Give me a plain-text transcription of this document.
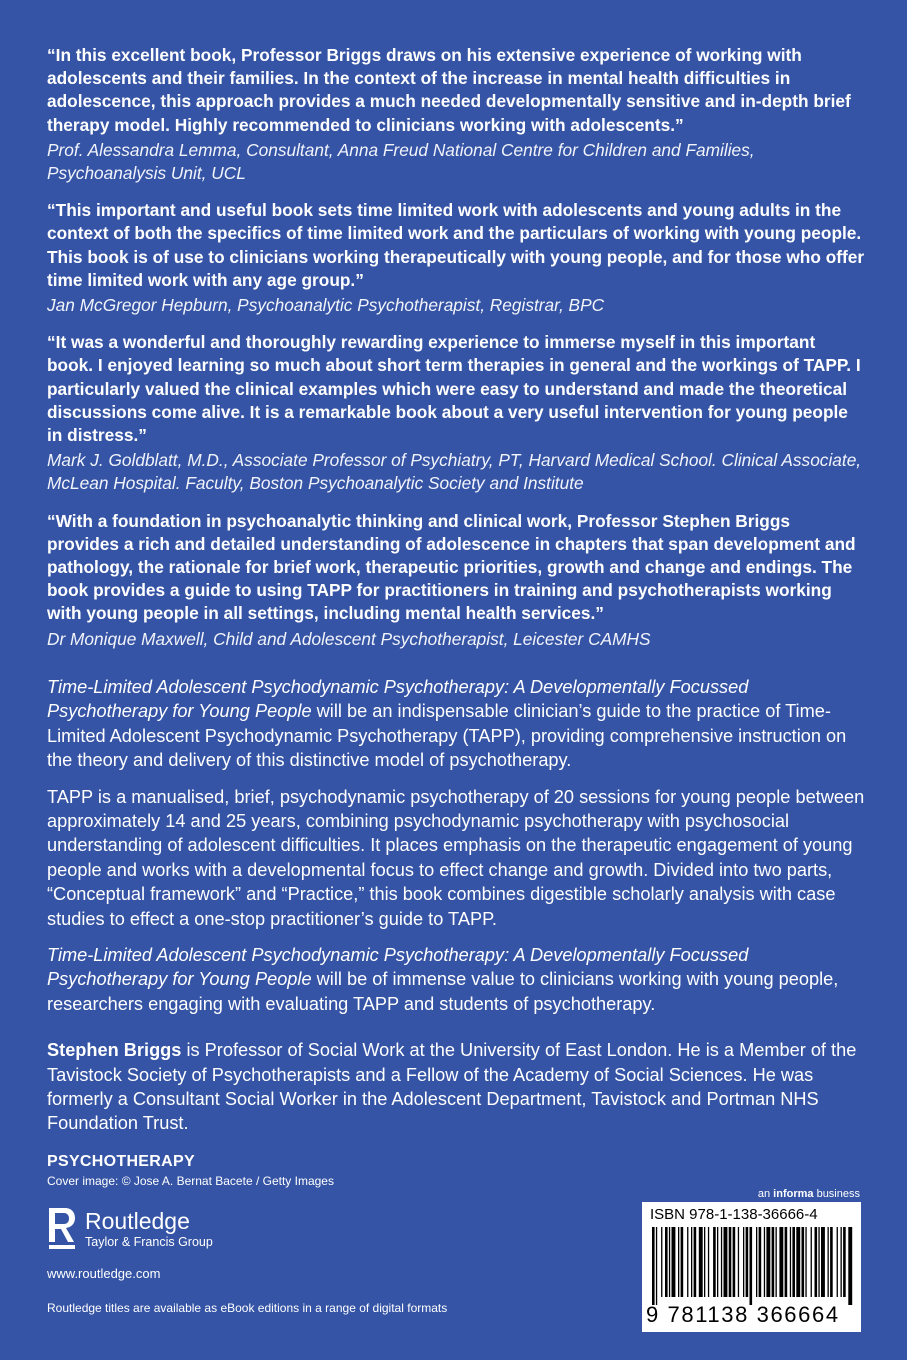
“In this excellent book, Professor Briggs draws on his extensive experience of working with adolescents and their families. In the context of the increase in mental health difficulties in adolescence, this approach provides a much needed developmentally sensitive and in-depth brief therapy model. Highly recommended to clinicians working with adolescents.”

Prof. Alessandra Lemma, Consultant, Anna Freud National Centre for Children and Families, Psychoanalysis Unit, UCL

“This important and useful book sets time limited work with adolescents and young adults in the context of both the specifics of time limited work and the particulars of working with young people. This book is of use to clinicians working therapeutically with young people, and for those who offer time limited work with any age group.”

Jan McGregor Hepburn, Psychoanalytic Psychotherapist, Registrar, BPC

“It was a wonderful and thoroughly rewarding experience to immerse myself in this important book. I enjoyed learning so much about short term therapies in general and the workings of TAPP. I particularly valued the clinical examples which were easy to understand and made the theoretical discussions come alive. It is a remarkable book about a very useful intervention for young people in distress.”

Mark J. Goldblatt, M.D., Associate Professor of Psychiatry, PT, Harvard Medical School. Clinical Associate, McLean Hospital. Faculty, Boston Psychoanalytic Society and Institute

“With a foundation in psychoanalytic thinking and clinical work, Professor Stephen Briggs provides a rich and detailed understanding of adolescence in chapters that span development and pathology, the rationale for brief work, therapeutic priorities, growth and change and endings. The book provides a guide to using TAPP for practitioners in training and psychotherapists working with young people in all settings, including mental health services.”

Dr Monique Maxwell, Child and Adolescent Psychotherapist, Leicester CAMHS

Time-Limited Adolescent Psychodynamic Psychotherapy: A Developmentally Focussed Psychotherapy for Young People will be an indispensable clinician’s guide to the practice of Time-Limited Adolescent Psychodynamic Psychotherapy (TAPP), providing comprehensive instruction on the theory and delivery of this distinctive model of psychotherapy.

TAPP is a manualised, brief, psychodynamic psychotherapy of 20 sessions for young people between approximately 14 and 25 years, combining psychodynamic psychotherapy with psychosocial understanding of adolescent difficulties. It places emphasis on the therapeutic engagement of young people and works with a developmental focus to effect change and growth. Divided into two parts, “Conceptual framework” and “Practice,” this book combines digestible scholarly analysis with case studies to effect a one-stop practitioner’s guide to TAPP.

Time-Limited Adolescent Psychodynamic Psychotherapy: A Developmentally Focussed Psychotherapy for Young People will be of immense value to clinicians working with young people, researchers engaging with evaluating TAPP and students of psychotherapy.

Stephen Briggs is Professor of Social Work at the University of East London. He is a Member of the Tavistock Society of Psychotherapists and a Fellow of the Academy of Social Sciences. He was formerly a Consultant Social Worker in the Adolescent Department, Tavistock and Portman NHS Foundation Trust.

PSYCHOTHERAPY
Cover image: © Jose A. Bernat Bacete / Getty Images
Routledge
Taylor & Francis Group
www.routledge.com
Routledge titles are available as eBook editions in a range of digital formats
an informa business
ISBN 978-1-138-36666-4
9 781138 366664
